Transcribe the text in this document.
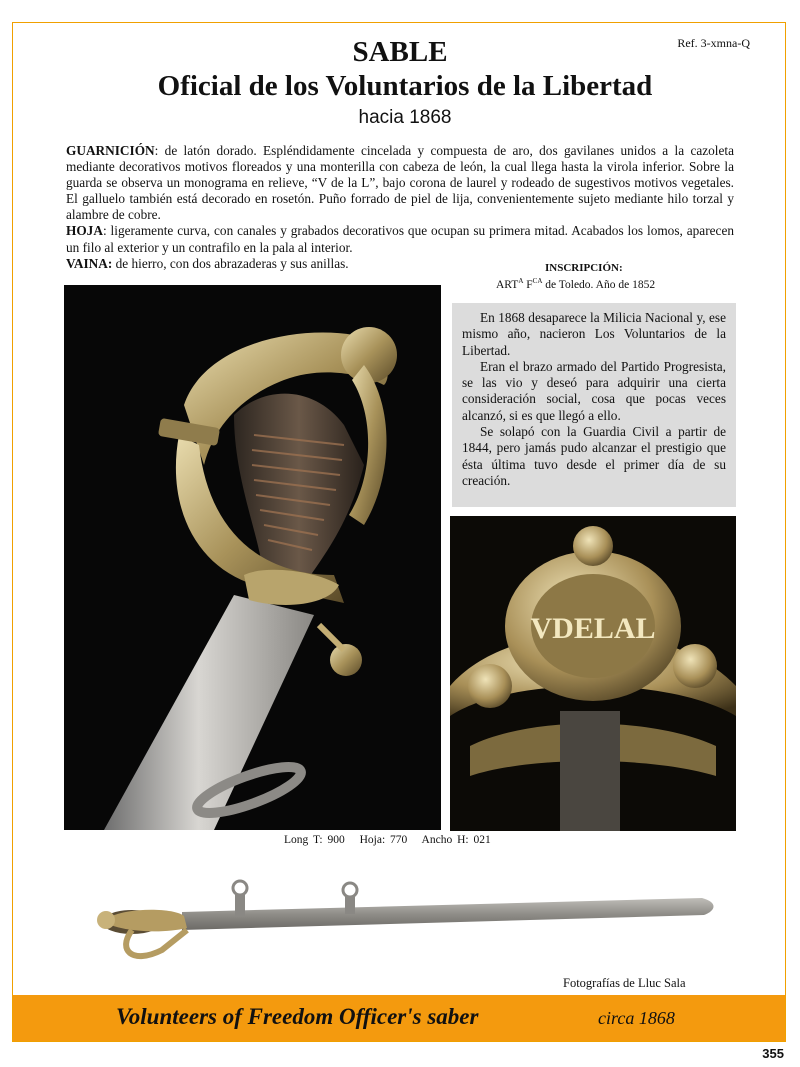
Ref. 3-xmna-Q
SABLE
Oficial de los Voluntarios de la Libertad
hacia 1868

GUARNICIÓN: de latón dorado. Espléndidamente cincelada y compuesta de aro, dos gavilanes unidos a la cazoleta mediante decorativos motivos floreados y una monterilla con cabeza de león, la cual llega hasta la virola inferior. Sobre la guarda se observa un monograma en relieve, “V de la L”, bajo corona de laurel y rodeado de sugestivos motivos vegetales. El galluelo también está decorado en rosetón. Puño forrado de piel de lija, convenientemente sujeto mediante hilo torzal y alambre de cobre.

HOJA: ligeramente curva, con canales y grabados decorativos que ocupan su primera mitad. Acabados los lomos, aparecen un filo al exterior y un contrafilo en la pala al interior.

VAINA: de hierro, con dos abrazaderas y sus anillas.	INSCRIPCIÓN:
$ART^A$ $F^{CA}$ de Toledo. Año de 1852

En 1868 desaparece la Milicia Nacional y, ese mismo año, nacieron Los Voluntarios de la Libertad.

Eran el brazo armado del Partido Progresista, se las vio y deseó para adquirir una cierta consideración social, cosa que pocas veces alcanzó, si es que llegó a ello.

Se solapó con la Guardia Civil a partir de 1844, pero jamás pudo alcanzar el prestigio que ésta última tuvo desde el primer día de su creación.

VDELAL
Long T: 900 Hoja: 770 Ancho H: 021
Fotografías de Lluc Sala
Volunteers of Freedom Officer's saber	circa 1868
355
